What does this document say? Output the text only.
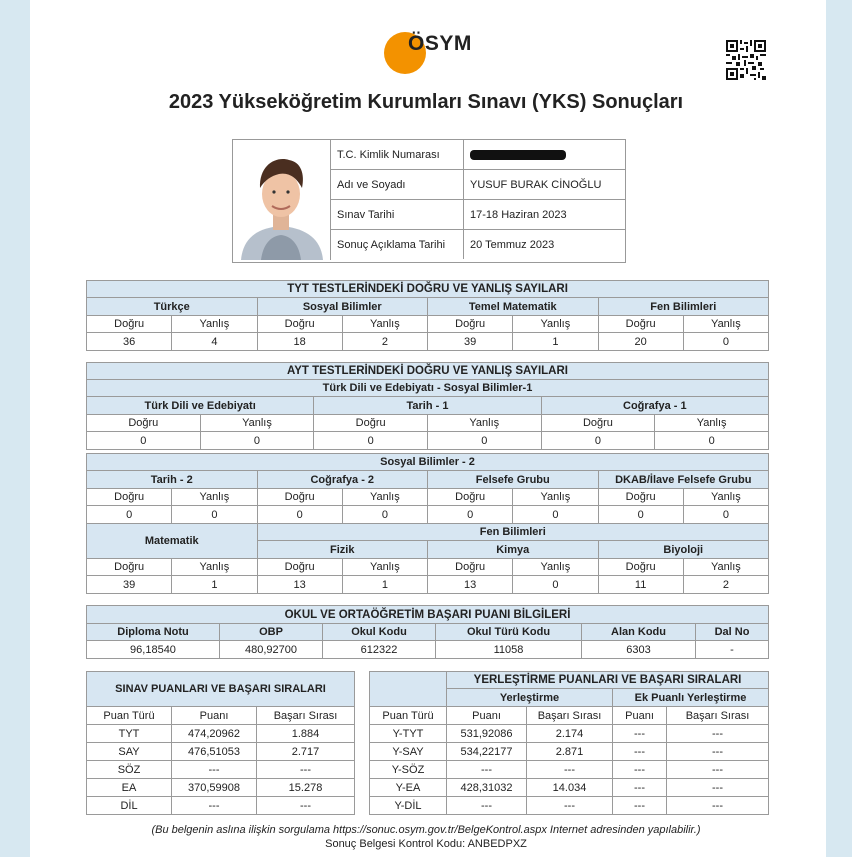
ÖSYM
2023 Yükseköğretim Kurumları Sınavı (YKS) Sonuçları
T.C. Kimlik Numarası	
Adı ve Soyadı	YUSUF BURAK CİNOĞLU
Sınav Tarihi	17-18 Haziran 2023
Sonuç Açıklama Tarihi	20 Temmuz 2023
TYT TESTLERİNDEKİ DOĞRU VE YANLIŞ SAYILARI							
Türkçe		Sosyal Bilimler		Temel Matematik		Fen Bilimleri	
Doğru	Yanlış	Doğru	Yanlış	Doğru	Yanlış	Doğru	Yanlış
36	4	18	2	39	1	20	0
AYT TESTLERİNDEKİ DOĞRU VE YANLIŞ SAYILARI					
Türk Dili ve Edebiyatı - Sosyal Bilimler-1					
Türk Dili ve Edebiyatı		Tarih - 1		Coğrafya - 1	
Doğru	Yanlış	Doğru	Yanlış	Doğru	Yanlış
0	0	0	0	0	0
Sosyal Bilimler - 2							
Tarih - 2		Coğrafya - 2		Felsefe Grubu		DKAB/İlave Felsefe Grubu	
Doğru	Yanlış	Doğru	Yanlış	Doğru	Yanlış	Doğru	Yanlış
0	0	0	0	0	0	0	0
Matematik		Fen Bilimleri					
		Fizik		Kimya		Biyoloji	
Doğru	Yanlış	Doğru	Yanlış	Doğru	Yanlış	Doğru	Yanlış
39	1	13	1	13	0	11	2
OKUL VE ORTAÖĞRETİM BAŞARI PUANI BİLGİLERİ					
Diploma Notu	OBP	Okul Kodu	Okul Türü Kodu	Alan Kodu	Dal No
96,18540	480,92700	612322	11058	6303	-
SINAV PUANLARI VE BAŞARI SIRALARI		
Puan Türü	Puanı	Başarı Sırası
TYT	474,20962	1.884
SAY	476,51053	2.717
SÖZ	---	---
EA	370,59908	15.278
DİL	---	---
	YERLEŞTİRME PUANLARI VE BAŞARI SIRALARI			
	Yerleştirme		Ek Puanlı Yerleştirme	
Puan Türü	Puanı	Başarı Sırası	Puanı	Başarı Sırası
Y-TYT	531,92086	2.174	---	---
Y-SAY	534,22177	2.871	---	---
Y-SÖZ	---	---	---	---
Y-EA	428,31032	14.034	---	---
Y-DİL	---	---	---	---
(Bu belgenin aslına ilişkin sorgulama https://sonuc.osym.gov.tr/BelgeKontrol.aspx Internet adresinden yapılabilir.)
Sonuç Belgesi Kontrol Kodu: ANBEDPXZ
